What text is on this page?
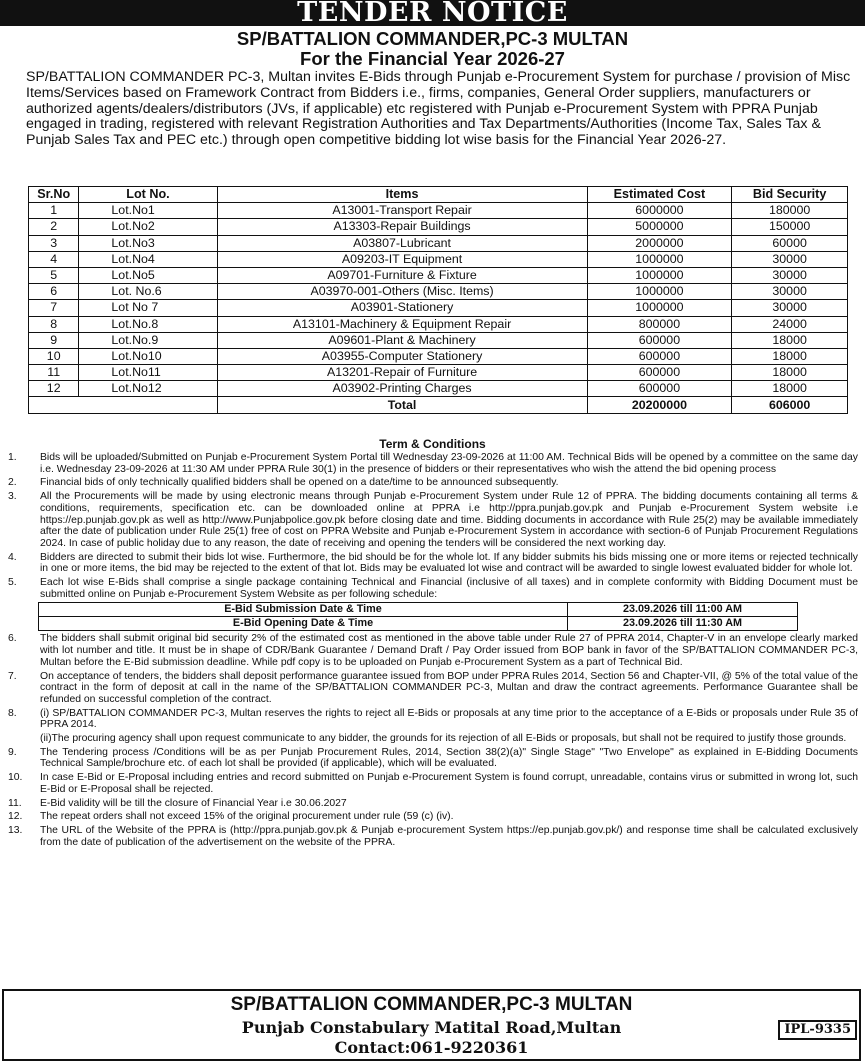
TENDER NOTICE
SP/BATTALION COMMANDER,PC-3 MULTAN
For the Financial Year 2026-27
SP/BATTALION COMMANDER PC-3, Multan invites E-Bids through Punjab e-Procurement System for purchase / provision of Misc Items/Services based on Framework Contract from Bidders i.e., firms, companies, General Order suppliers, manufacturers or authorized agents/dealers/distributors (JVs, if applicable) etc registered with Punjab e-Procurement System with PPRA Punjab engaged in trading, registered with relevant Registration Authorities and Tax Departments/Authorities (Income Tax, Sales Tax & Punjab Sales Tax and PEC etc.) through open competitive bidding lot wise basis for the Financial Year 2026-27.
Sr.No	Lot No.	Items	Estimated Cost	Bid Security
1	Lot.No1	A13001-Transport Repair	6000000	180000
2	Lot.No2	A13303-Repair Buildings	5000000	150000
3	Lot.No3	A03807-Lubricant	2000000	60000
4	Lot.No4	A09203-IT Equipment	1000000	30000
5	Lot.No5	A09701-Furniture & Fixture	1000000	30000
6	Lot. No.6	A03970-001-Others (Misc. Items)	1000000	30000
7	Lot No 7	A03901-Stationery	1000000	30000
8	Lot.No.8	A13101-Machinery & Equipment Repair	800000	24000
9	Lot.No.9	A09601-Plant & Machinery	600000	18000
10	Lot.No10	A03955-Computer Stationery	600000	18000
11	Lot.No11	A13201-Repair of Furniture	600000	18000
12	Lot.No12	A03902-Printing Charges	600000	18000
		Total	20200000	606000
Term & Conditions
1.	Bids will be uploaded/Submitted on Punjab e-Procurement System Portal till Wednesday 23-09-2026 at 11:00 AM. Technical Bids will be opened by a committee on the same day i.e. Wednesday 23-09-2026 at 11:30 AM under PPRA Rule 30(1) in the presence of bidders or their representatives who wish the attend the bid opening process
2.	Financial bids of only technically qualified bidders shall be opened on a date/time to be announced subsequently.
3.	All the Procurements will be made by using electronic means through Punjab e-Procurement System under Rule 12 of PPRA. The bidding documents containing all terms & conditions, requirements, specification etc. can be downloaded online at PPRA i.e http://ppra.punjab.gov.pk and Punjab e-Procurement System website i.e https://ep.punjab.gov.pk as well as http://www.Punjabpolice.gov.pk before closing date and time. Bidding documents in accordance with Rule 25(2) may be available immediately after the date of publication under Rule 25(1) free of cost on PPRA Website and Punjab e-Procurement System in accordance with section-6 of Punjab Procurement Regulations 2024. In case of public holiday due to any reason, the date of receiving and opening the tenders will be considered the next working day.
4.	Bidders are directed to submit their bids lot wise. Furthermore, the bid should be for the whole lot. If any bidder submits his bids missing one or more items or rejected technically in one or more items, the bid may be rejected to the extent of that lot. Bids may be evaluated lot wise and contract will be awarded to single lowest evaluated bidder for whole lot.
5.	Each lot wise E-Bids shall comprise a single package containing Technical and Financial (inclusive of all taxes) and in complete conformity with Bidding Document must be submitted online on Punjab e-Procurement System Website as per following schedule:
E-Bid Submission Date & Time	23.09.2026 till 11:00 AM
E-Bid Opening Date & Time	23.09.2026 till 11:30 AM
6.	The bidders shall submit original bid security 2% of the estimated cost as mentioned in the above table under Rule 27 of PPRA 2014, Chapter-V in an envelope clearly marked with lot number and title. It must be in shape of CDR/Bank Guarantee / Demand Draft / Pay Order issued from BOP bank in favor of the SP/BATTALION COMMANDER PC-3, Multan before the E-Bid submission deadline. While pdf copy is to be uploaded on Punjab e-Procurement System as a part of Technical Bid.
7.	On acceptance of tenders, the bidders shall deposit performance guarantee issued from BOP under PPRA Rules 2014, Section 56 and Chapter-VII, @ 5% of the total value of the contract in the form of deposit at call in the name of the SP/BATTALION COMMANDER PC-3, Multan and draw the contract agreements. Performance Guarantee shall be refunded on successful completion of the contract.
8.	(i) SP/BATTALION COMMANDER PC-3, Multan reserves the rights to reject all E-Bids or proposals at any time prior to the acceptance of a E-Bids or proposals under Rule 35 of PPRA 2014.
(ii)The procuring agency shall upon request communicate to any bidder, the grounds for its rejection of all E-Bids or proposals, but shall not be required to justify those grounds.
9.	The Tendering process /Conditions will be as per Punjab Procurement Rules, 2014, Section 38(2)(a)" Single Stage" "Two Envelope" as explained in E-Bidding Documents Technical Sample/brochure etc. of each lot shall be provided (if applicable), which will be evaluated.
10.	In case E-Bid or E-Proposal including entries and record submitted on Punjab e-Procurement System is found corrupt, unreadable, contains virus or submitted in wrong lot, such E-Bid or E-Proposal shall be rejected.
11.	E-Bid validity will be till the closure of Financial Year i.e 30.06.2027
12.	The repeat orders shall not exceed 15% of the original procurement under rule (59 (c) (iv).
13.	The URL of the Website of the PPRA is (http://ppra.punjab.gov.pk & Punjab e-procurement System https://ep.punjab.gov.pk/) and response time shall be calculated exclusively from the date of publication of the advertisement on the website of the PPRA.
SP/BATTALION COMMANDER,PC-3 MULTAN
Punjab Constabulary Matital Road,Multan
Contact:061-9220361
IPL-9335
